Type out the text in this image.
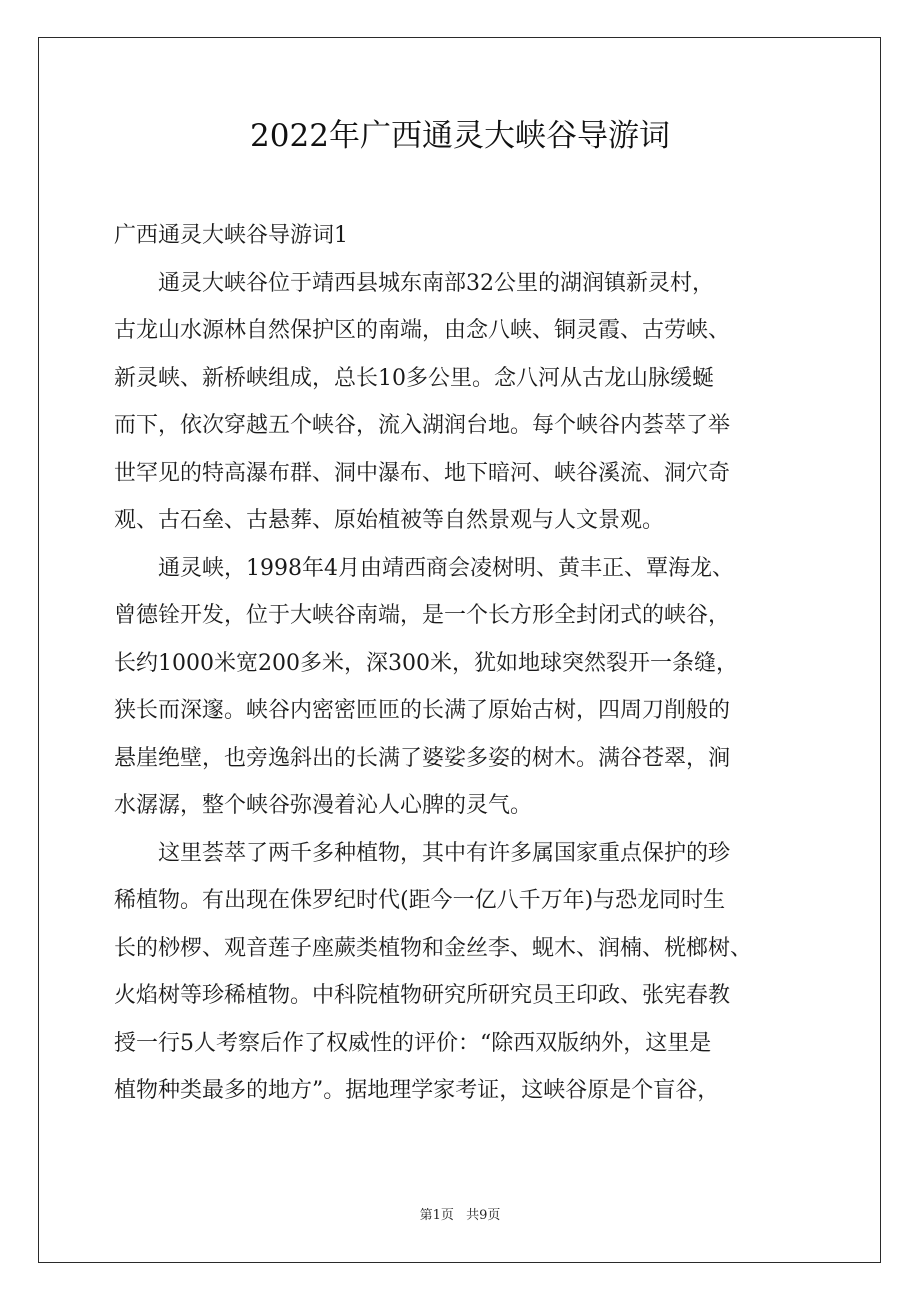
2022年广西通灵大峡谷导游词

广西通灵大峡谷导游词1

通灵大峡谷位于靖西县城东南部32公里的湖润镇新灵村，
古龙山水源林自然保护区的南端，由念八峡、铜灵霞、古劳峡、
新灵峡、新桥峡组成，总长10多公里。念八河从古龙山脉缓蜒
而下，依次穿越五个峡谷，流入湖润台地。每个峡谷内荟萃了举
世罕见的特高瀑布群、洞中瀑布、地下暗河、峡谷溪流、洞穴奇
观、古石垒、古悬葬、原始植被等自然景观与人文景观。

通灵峡，1998年4月由靖西商会凌树明、黄丰正、覃海龙、
曾德铨开发，位于大峡谷南端，是一个长方形全封闭式的峡谷，
长约1000米宽200多米，深300米，犹如地球突然裂开一条缝，
狭长而深邃。峡谷内密密匝匝的长满了原始古树，四周刀削般的
悬崖绝壁，也旁逸斜出的长满了婆娑多姿的树木。满谷苍翠，涧
水潺潺，整个峡谷弥漫着沁人心脾的灵气。

这里荟萃了两千多种植物，其中有许多属国家重点保护的珍
稀植物。有出现在侏罗纪时代(距今一亿八千万年)与恐龙同时生
长的桫椤、观音莲子座蕨类植物和金丝李、蚬木、润楠、桄榔树、
火焰树等珍稀植物。中科院植物研究所研究员王印政、张宪春教
授一行5人考察后作了权威性的评价：“除西双版纳外，这里是
植物种类最多的地方”。据地理学家考证，这峡谷原是个盲谷，

第1页 共9页
